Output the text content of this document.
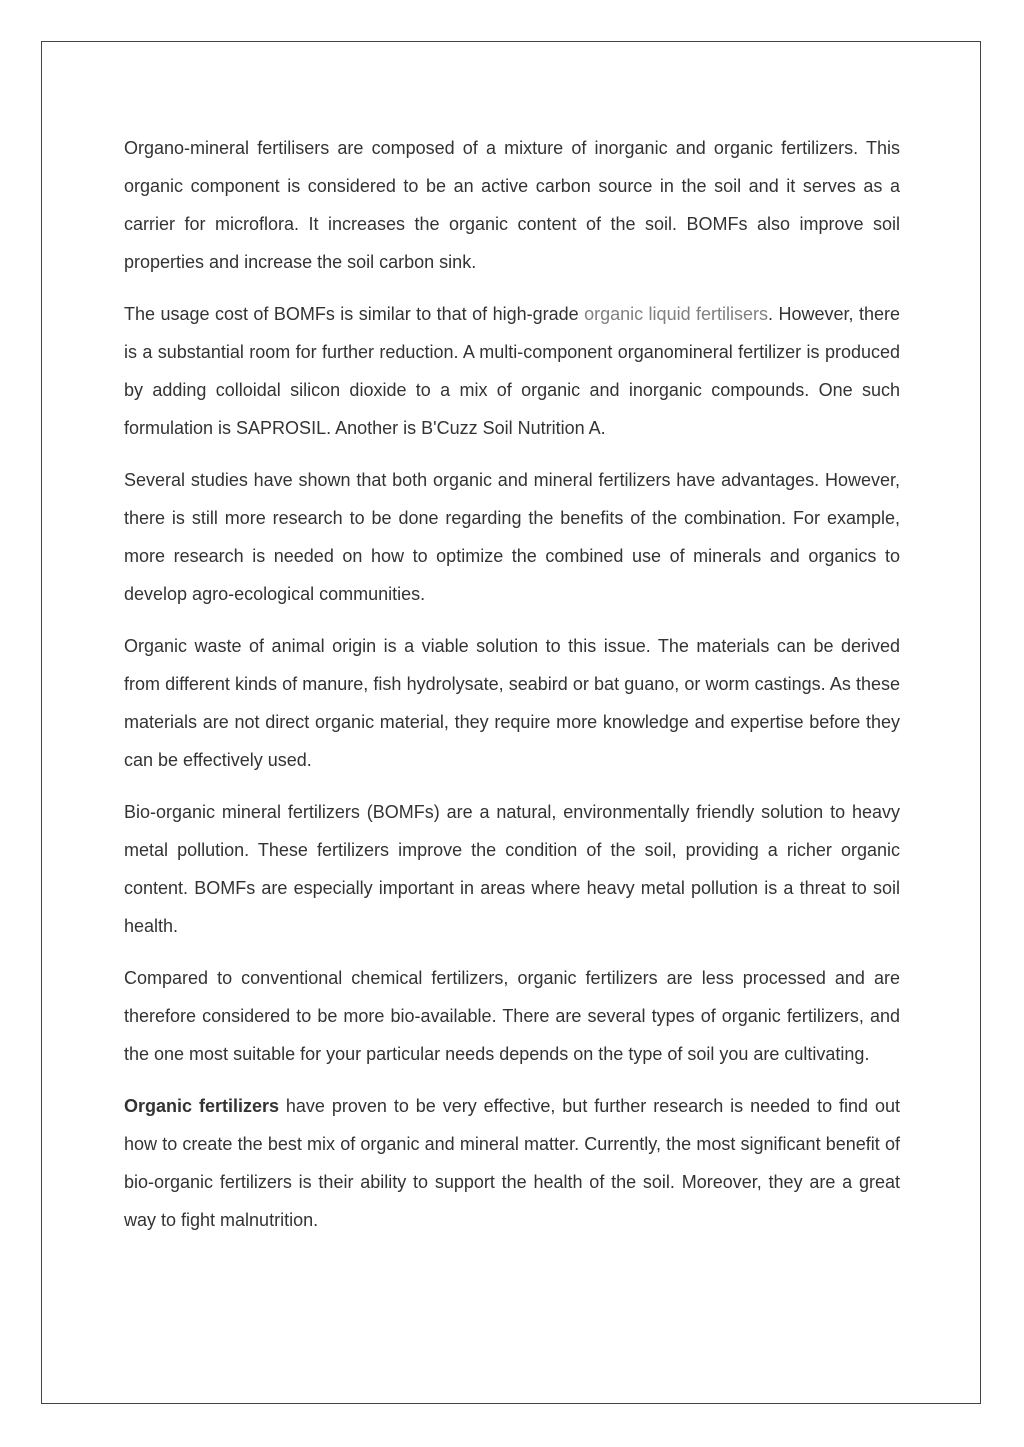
Organo-mineral fertilisers are composed of a mixture of inorganic and organic fertilizers. This organic component is considered to be an active carbon source in the soil and it serves as a carrier for microflora. It increases the organic content of the soil. BOMFs also improve soil properties and increase the soil carbon sink.

The usage cost of BOMFs is similar to that of high-grade organic liquid fertilisers. However, there is a substantial room for further reduction. A multi-component organomineral fertilizer is produced by adding colloidal silicon dioxide to a mix of organic and inorganic compounds. One such formulation is SAPROSIL. Another is B'Cuzz Soil Nutrition A.

Several studies have shown that both organic and mineral fertilizers have advantages. However, there is still more research to be done regarding the benefits of the combination. For example, more research is needed on how to optimize the combined use of minerals and organics to develop agro-ecological communities.

Organic waste of animal origin is a viable solution to this issue. The materials can be derived from different kinds of manure, fish hydrolysate, seabird or bat guano, or worm castings. As these materials are not direct organic material, they require more knowledge and expertise before they can be effectively used.

Bio-organic mineral fertilizers (BOMFs) are a natural, environmentally friendly solution to heavy metal pollution. These fertilizers improve the condition of the soil, providing a richer organic content. BOMFs are especially important in areas where heavy metal pollution is a threat to soil health.

Compared to conventional chemical fertilizers, organic fertilizers are less processed and are therefore considered to be more bio-available. There are several types of organic fertilizers, and the one most suitable for your particular needs depends on the type of soil you are cultivating.

Organic fertilizers have proven to be very effective, but further research is needed to find out how to create the best mix of organic and mineral matter. Currently, the most significant benefit of bio-organic fertilizers is their ability to support the health of the soil. Moreover, they are a great way to fight malnutrition.
